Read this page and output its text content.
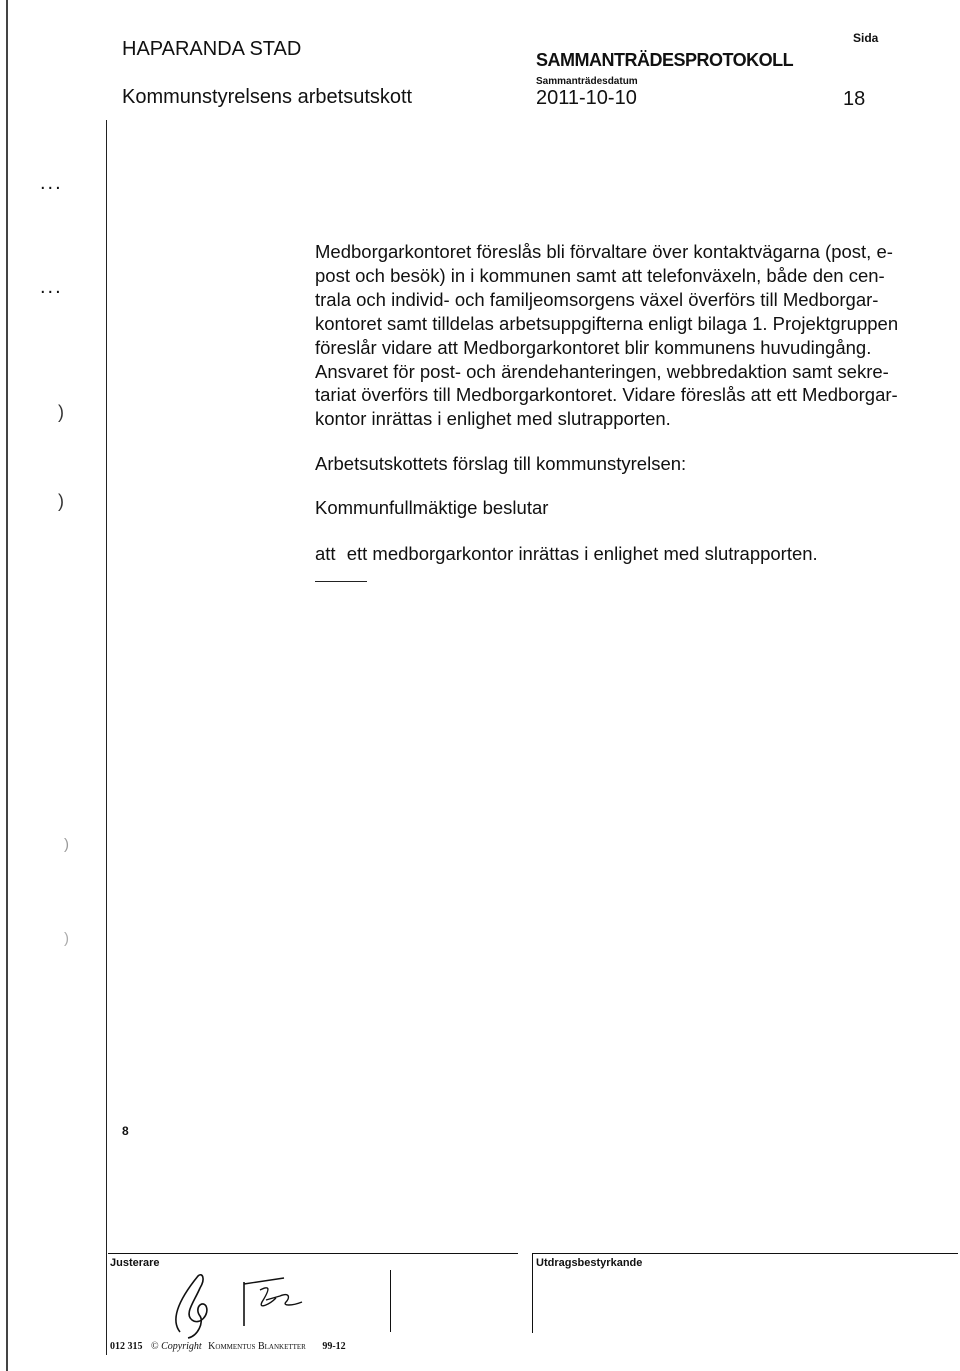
HAPARANDA STAD
Kommunstyrelsens arbetsutskott
SAMMANTRÄDESPROTOKOLL
Sammanträdesdatum
2011-10-10
Sida
18
...
...
)
)
)
)
8
Medborgarkontoret föreslås bli förvaltare över kontaktvägarna (post, e-
post och besök) in i kommunen samt att telefonväxeln, både den cen-
trala och individ- och familjeomsorgens växel överförs till Medborgar-
kontoret samt tilldelas arbetsuppgifterna enligt bilaga 1. Projektgruppen
föreslår vidare att Medborgarkontoret blir kommunens huvudingång.
Ansvaret för post- och ärendehanteringen, webbredaktion samt sekre-
tariat överförs till Medborgarkontoret. Vidare föreslås att ett Medborgar-
kontor inrättas i enlighet med slutrapporten.
Arbetsutskottets förslag till kommunstyrelsen:
Kommunfullmäktige beslutar
att ett medborgarkontor inrättas i enlighet med slutrapporten.
Justerare	Utdragsbestyrkande
012 315 © Copyright Kommentus Blanketter 99-12
